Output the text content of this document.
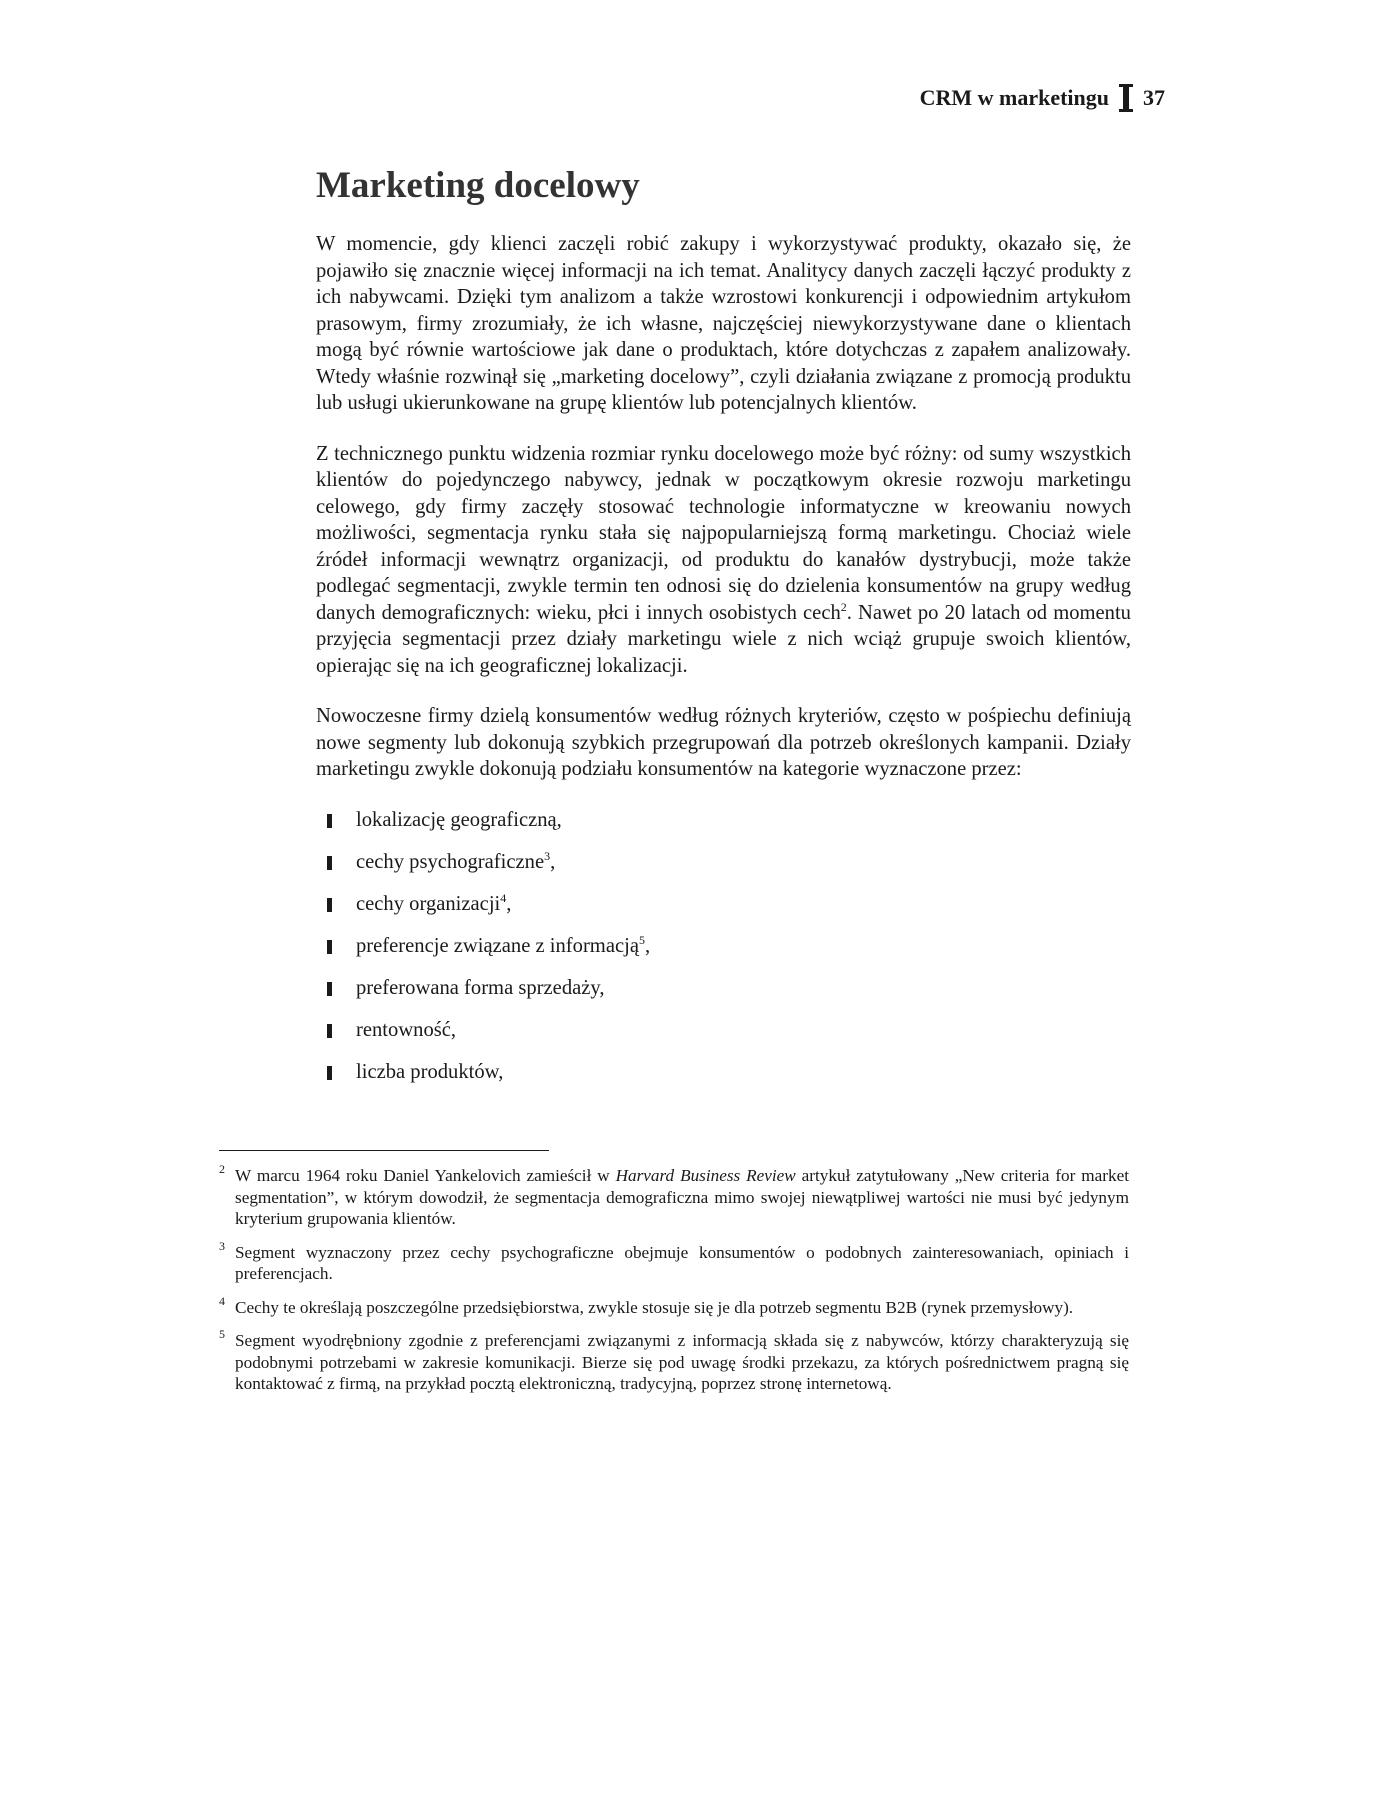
CRM w marketingu 37
Marketing docelowy

W momencie, gdy klienci zaczęli robić zakupy i wykorzystywać produkty, okazało się, że pojawiło się znacznie więcej informacji na ich temat. Analitycy danych zaczęli łączyć produkty z ich nabywcami. Dzięki tym analizom a także wzrostowi konkurencji i odpowiednim artykułom prasowym, firmy zrozumiały, że ich własne, najczęściej niewykorzystywane dane o klientach mogą być równie wartościowe jak dane o produktach, które dotychczas z zapałem analizowały. Wtedy właśnie rozwinął się „marketing docelowy”, czyli działania związane z promocją produktu lub usługi ukierunkowane na grupę klientów lub potencjalnych klientów.

Z technicznego punktu widzenia rozmiar rynku docelowego może być różny: od sumy wszystkich klientów do pojedynczego nabywcy, jednak w początkowym okresie rozwoju marketingu celowego, gdy firmy zaczęły stosować technologie informatyczne w kreowaniu nowych możliwości, segmentacja rynku stała się najpopularniejszą formą marketingu. Chociaż wiele źródeł informacji wewnątrz organizacji, od produktu do kanałów dystrybucji, może także podlegać segmentacji, zwykle termin ten odnosi się do dzielenia konsumentów na grupy według danych demograficznych: wieku, płci i innych osobistych cech$^2$. Nawet po 20 latach od momentu przyjęcia segmentacji przez działy marketingu wiele z nich wciąż grupuje swoich klientów, opierając się na ich geograficznej lokalizacji.

Nowoczesne firmy dzielą konsumentów według różnych kryteriów, często w pośpiechu definiują nowe segmenty lub dokonują szybkich przegrupowań dla potrzeb określonych kampanii. Działy marketingu zwykle dokonują podziału konsumentów na kategorie wyznaczone przez:

lokalizację geograficzną,
cechy psychograficzne$^3$,
cechy organizacji$^4$,
preferencje związane z informacją$^5$,
preferowana forma sprzedaży,
rentowność,
liczba produktów,
2 W marcu 1964 roku Daniel Yankelovich zamieścił w Harvard Business Review artykuł zatytułowany „New criteria for market segmentation”, w którym dowodził, że segmentacja demograficzna mimo swojej niewątpliwej wartości nie musi być jedynym kryterium grupowania klientów.
3 Segment wyznaczony przez cechy psychograficzne obejmuje konsumentów o podobnych zainteresowaniach, opiniach i preferencjach.
4 Cechy te określają poszczególne przedsiębiorstwa, zwykle stosuje się je dla potrzeb segmentu B2B (rynek przemysłowy).
5 Segment wyodrębniony zgodnie z preferencjami związanymi z informacją składa się z nabywców, którzy charakteryzują się podobnymi potrzebami w zakresie komunikacji. Bierze się pod uwagę środki przekazu, za których pośrednictwem pragną się kontaktować z firmą, na przykład pocztą elektroniczną, tradycyjną, poprzez stronę internetową.
